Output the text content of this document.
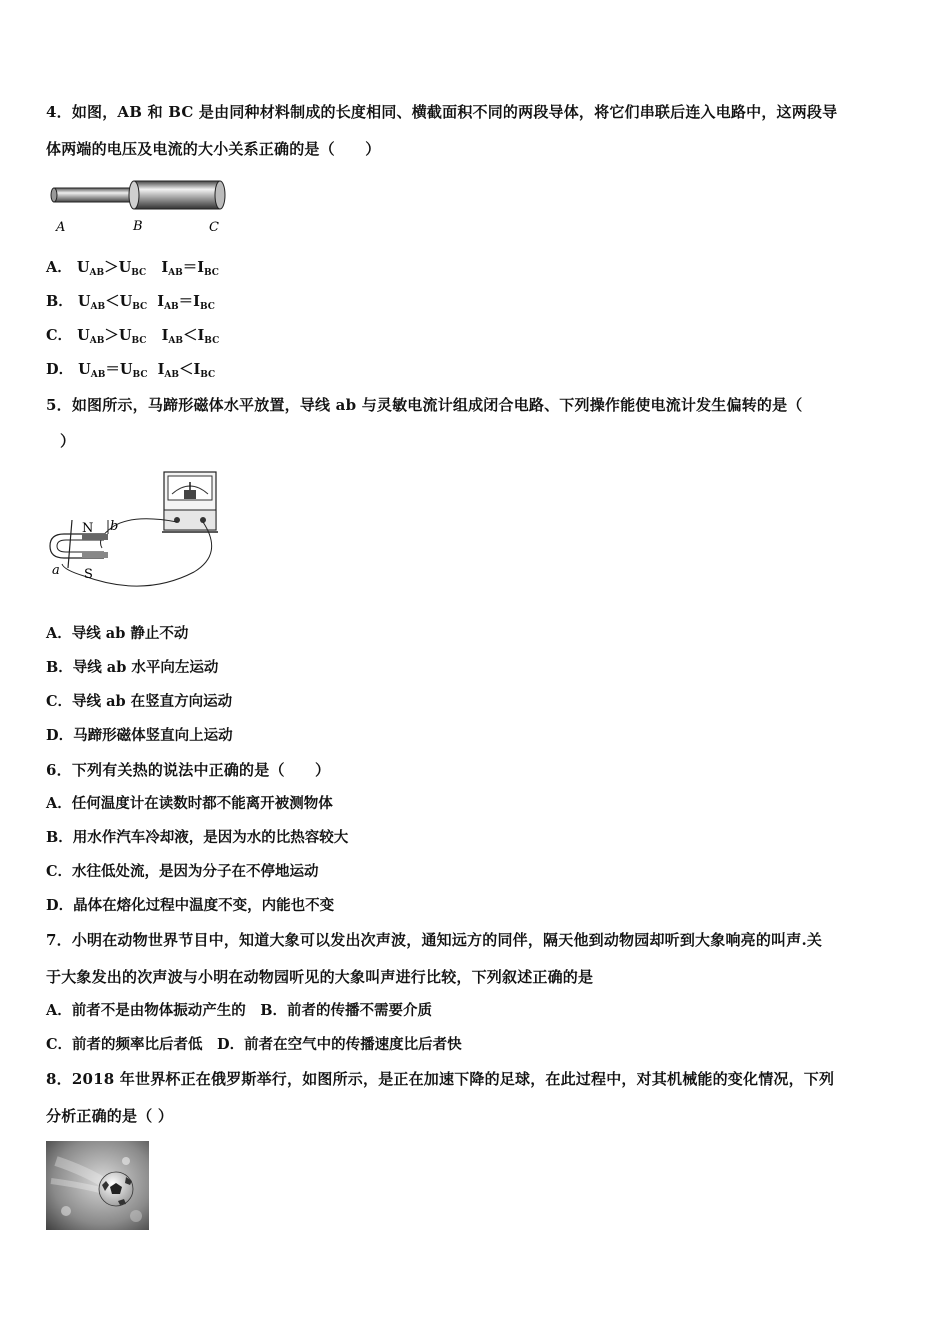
4．如图，AB 和 BC 是由同种材料制成的长度相同、横截面积不同的两段导体，将它们串联后连入电路中，这两段导
体两端的电压及电流的大小关系正确的是（　　）
A	B	C
A． $U_{AB}>U_{BC}$ $I_{AB}=I_{BC}$
B． $U_{AB}<U_{BC}$ $I_{AB}=I_{BC}$
C． $U_{AB}>U_{BC}$ $I_{AB}<I_{BC}$
D． $U_{AB}=U_{BC}$ $I_{AB}<I_{BC}$
5．如图所示，马蹄形磁体水平放置，导线 ab 与灵敏电流计组成闭合电路、下列操作能使电流计发生偏转的是（
）
N
S
a
b
A．导线 ab 静止不动
B．导线 ab 水平向左运动
C．导线 ab 在竖直方向运动
D．马蹄形磁体竖直向上运动
6．下列有关热的说法中正确的是（　　）
A．任何温度计在读数时都不能离开被测物体
B．用水作汽车冷却液，是因为水的比热容较大
C．水往低处流，是因为分子在不停地运动
D．晶体在熔化过程中温度不变，内能也不变
7．小明在动物世界节目中，知道大象可以发出次声波，通知远方的同伴，隔天他到动物园却听到大象响亮的叫声.关
于大象发出的次声波与小明在动物园听见的大象叫声进行比较，下列叙述正确的是
A．前者不是由物体振动产生的　B．前者的传播不需要介质
C．前者的频率比后者低　D．前者在空气中的传播速度比后者快
8．2018 年世界杯正在俄罗斯举行，如图所示，是正在加速下降的足球，在此过程中，对其机械能的变化情况，下列
分析正确的是（ ）
